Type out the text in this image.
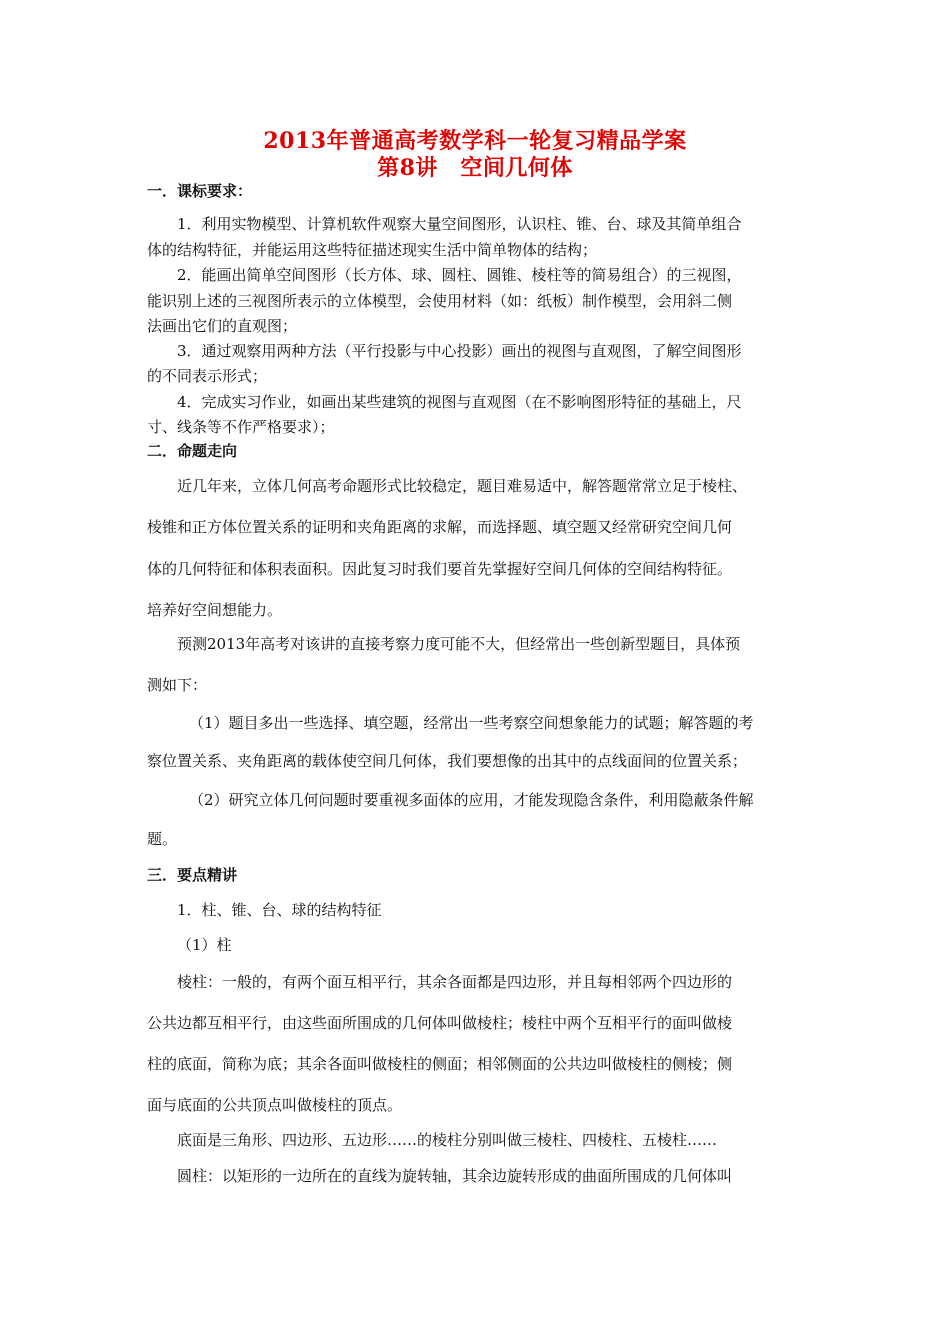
2013年普通高考数学科一轮复习精品学案
第8讲　空间几何体
一．课标要求：
1．利用实物模型、计算机软件观察大量空间图形，认识柱、锥、台、球及其简单组合
体的结构特征，并能运用这些特征描述现实生活中简单物体的结构；
2．能画出简单空间图形（长方体、球、圆柱、圆锥、棱柱等的简易组合）的三视图，
能识别上述的三视图所表示的立体模型，会使用材料（如：纸板）制作模型，会用斜二侧
法画出它们的直观图；
3．通过观察用两种方法（平行投影与中心投影）画出的视图与直观图，了解空间图形
的不同表示形式；
4．完成实习作业，如画出某些建筑的视图与直观图（在不影响图形特征的基础上，尺
寸、线条等不作严格要求）；
二．命题走向
近几年来，立体几何高考命题形式比较稳定，题目难易适中，解答题常常立足于棱柱、
棱锥和正方体位置关系的证明和夹角距离的求解，而选择题、填空题又经常研究空间几何
体的几何特征和体积表面积。因此复习时我们要首先掌握好空间几何体的空间结构特征。
培养好空间想能力。
预测2013年高考对该讲的直接考察力度可能不大，但经常出一些创新型题目，具体预
测如下：
（1）题目多出一些选择、填空题，经常出一些考察空间想象能力的试题；解答题的考
察位置关系、夹角距离的载体使空间几何体，我们要想像的出其中的点线面间的位置关系；
（2）研究立体几何问题时要重视多面体的应用，才能发现隐含条件，利用隐蔽条件解
题。
三．要点精讲
1．柱、锥、台、球的结构特征
（1）柱
棱柱：一般的，有两个面互相平行，其余各面都是四边形，并且每相邻两个四边形的
公共边都互相平行，由这些面所围成的几何体叫做棱柱；棱柱中两个互相平行的面叫做棱
柱的底面，简称为底；其余各面叫做棱柱的侧面；相邻侧面的公共边叫做棱柱的侧棱；侧
面与底面的公共顶点叫做棱柱的顶点。
底面是三角形、四边形、五边形……的棱柱分别叫做三棱柱、四棱柱、五棱柱……
圆柱：以矩形的一边所在的直线为旋转轴，其余边旋转形成的曲面所围成的几何体叫
